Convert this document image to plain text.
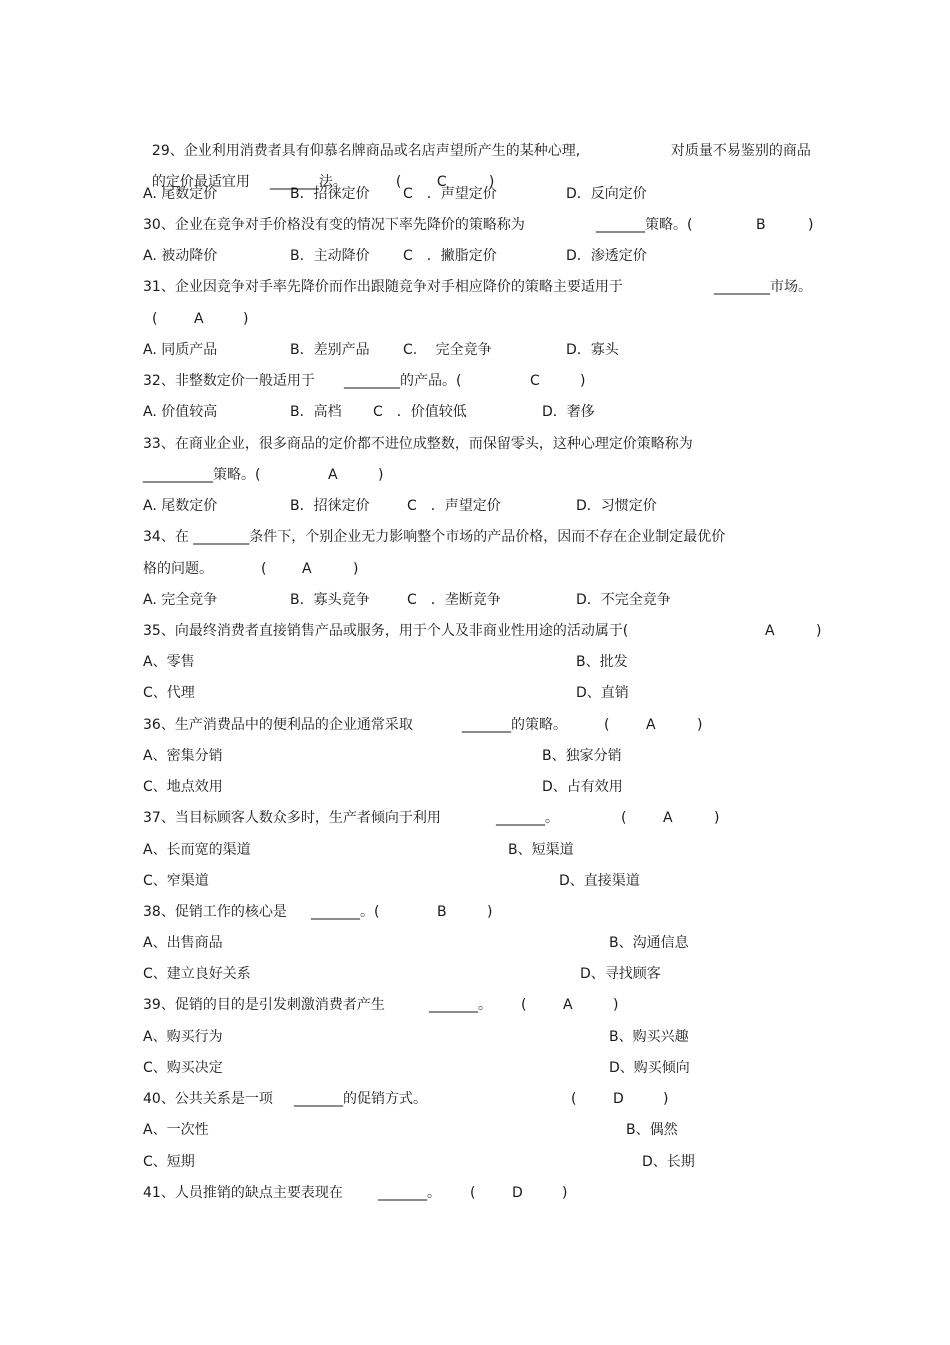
29、企业利用消费者具有仰慕名牌商品或名店声望所产生的某种心理,	对质量不易鉴别的商品

的定价最适宜用	_______法。	(	C	)
A. 尾数定价	B．招徕定价 C　．声望定价	D．反向定价
30、企业在竞争对手价格没有变的情况下率先降价的策略称为	_______策略。(	B	)
A. 被动降价	B．主动降价 C　．撇脂定价	D．渗透定价
31、企业因竞争对手率先降价而作出跟随竞争对手相应降价的策略主要适用于	________市场。
(	A	)
A. 同质产品	B．差别产品 C.　 完全竞争	D．寡头
32、非整数定价一般适用于 ________的产品。(	C	)
A. 价值较高	B．高档 C　．价值较低	D．奢侈
33、在商业企业，很多商品的定价都不进位成整数，而保留零头，这种心理定价策略称为
__________策略。(	A	)
A. 尾数定价	B．招徕定价	C　．声望定价	D．习惯定价
34、在 ________条件下，个别企业无力影响整个市场的产品价格，因而不存在企业制定最优价
格的问题。	(	A	)
A. 完全竞争	B．寡头竞争	C　．垄断竞争	D．不完全竞争
35、向最终消费者直接销售产品或服务，用于个人及非商业性用途的活动属于(	A	)
A、零售	B、批发
C、代理	D、直销
36、生产消费品中的便利品的企业通常采取	_______的策略。	(	A	)
A、密集分销	B、独家分销
C、地点效用	D、占有效用
37、当目标顾客人数众多时，生产者倾向于利用	_______。	(	A	)
A、长而宽的渠道	B、短渠道
C、窄渠道	D、直接渠道
38、促销工作的核心是 _______。(	B	)
A、出售商品	B、沟通信息
C、建立良好关系	D、寻找顾客
39、促销的目的是引发刺激消费者产生	_______。 (	A	)
A、购买行为	B、购买兴趣
C、购买决定	D、购买倾向
40、公共关系是一项 _______的促销方式。	(	D	)
A、一次性	B、偶然
C、短期	D、长期
41、人员推销的缺点主要表现在	_______。 (	D	)
